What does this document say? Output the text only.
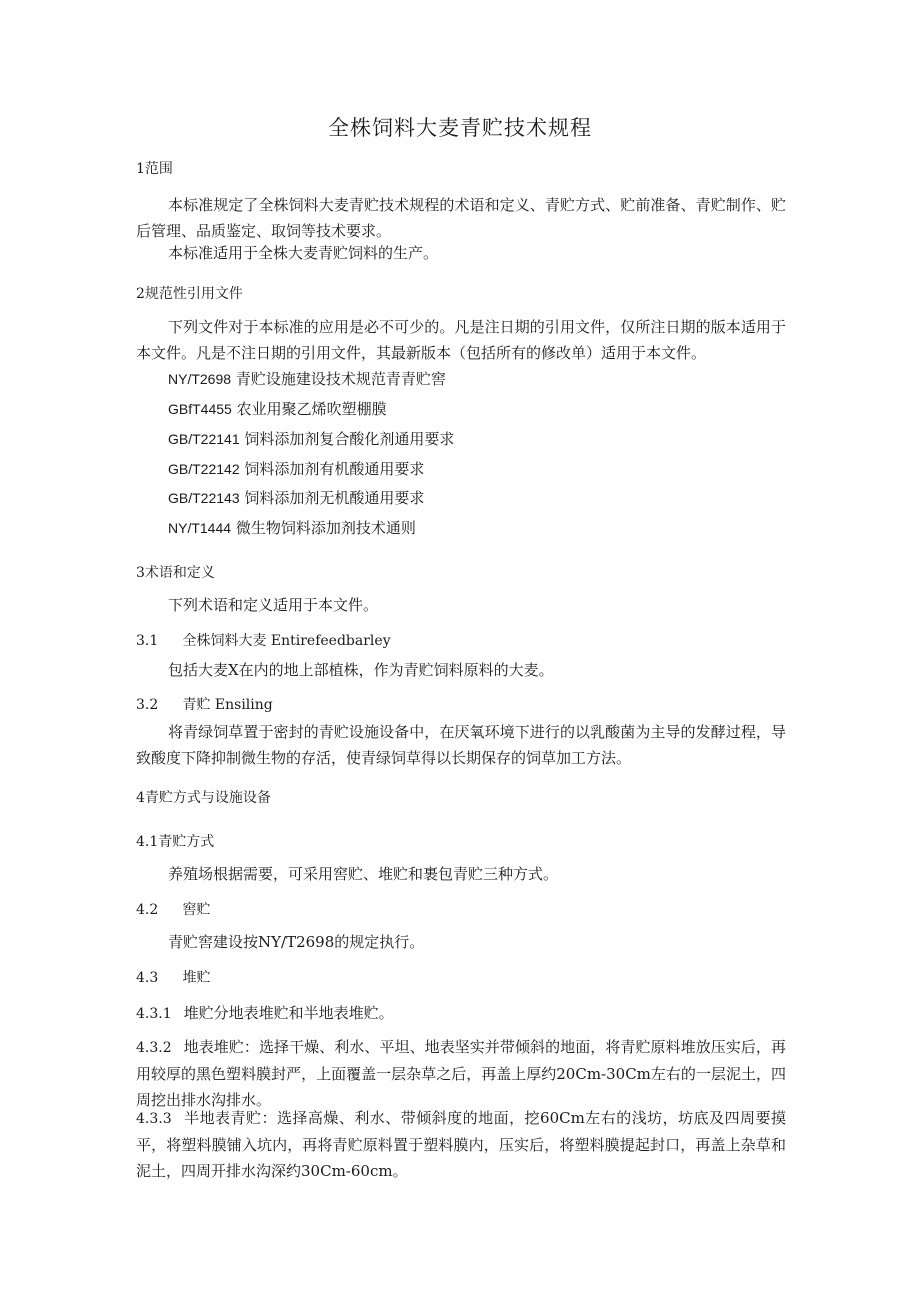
全株饲料大麦青贮技术规程
1范围
本标准规定了全株饲料大麦青贮技术规程的术语和定义、青贮方式、贮前准备、青贮制作、贮后管理、品质鉴定、取饲等技术要求。
本标准适用于全株大麦青贮饲料的生产。
2规范性引用文件
下列文件对于本标准的应用是必不可少的。凡是注日期的引用文件，仅所注日期的版本适用于本文件。凡是不注日期的引用文件，其最新版本（包括所有的修改单）适用于本文件。
NY/T2698 青贮设施建设技术规范青青贮窖
GBfT4455 农业用聚乙烯吹塑棚膜
GB/T22141 饲料添加剂复合酸化剂通用要求
GB/T22142 饲料添加剂有机酸通用要求
GB/T22143 饲料添加剂无机酸通用要求
NY/T1444 微生物饲料添加剂技术通则
3术语和定义
下列术语和定义适用于本文件。
3.1 全株饲料大麦 Entirefeedbarley
包括大麦X在内的地上部植株，作为青贮饲料原料的大麦。
3.2 青贮 Ensiling
将青绿饲草置于密封的青贮设施设备中，在厌氧环境下进行的以乳酸菌为主导的发酵过程，导致酸度下降抑制微生物的存活，使青绿饲草得以长期保存的饲草加工方法。
4青贮方式与设施设备
4.1青贮方式
养殖场根据需要，可采用窖贮、堆贮和裹包青贮三种方式。
4.2 窖贮
青贮窖建设按NY/T2698的规定执行。
4.3 堆贮
4.3.1 堆贮分地表堆贮和半地表堆贮。
4.3.2 地表堆贮：选择干燥、利水、平坦、地表坚实并带倾斜的地面，将青贮原料堆放压实后，再用较厚的黑色塑料膜封严，上面覆盖一层杂草之后，再盖上厚约20Cm-30Cm左右的一层泥土，四周挖出排水沟排水。
4.3.3 半地表青贮：选择高燥、利水、带倾斜度的地面，挖60Cm左右的浅坊，坊底及四周要摸平，将塑料膜铺入坑内，再将青贮原料置于塑料膜内，压实后，将塑料膜提起封口，再盖上杂草和泥土，四周开排水沟深约30Cm-60cm。
